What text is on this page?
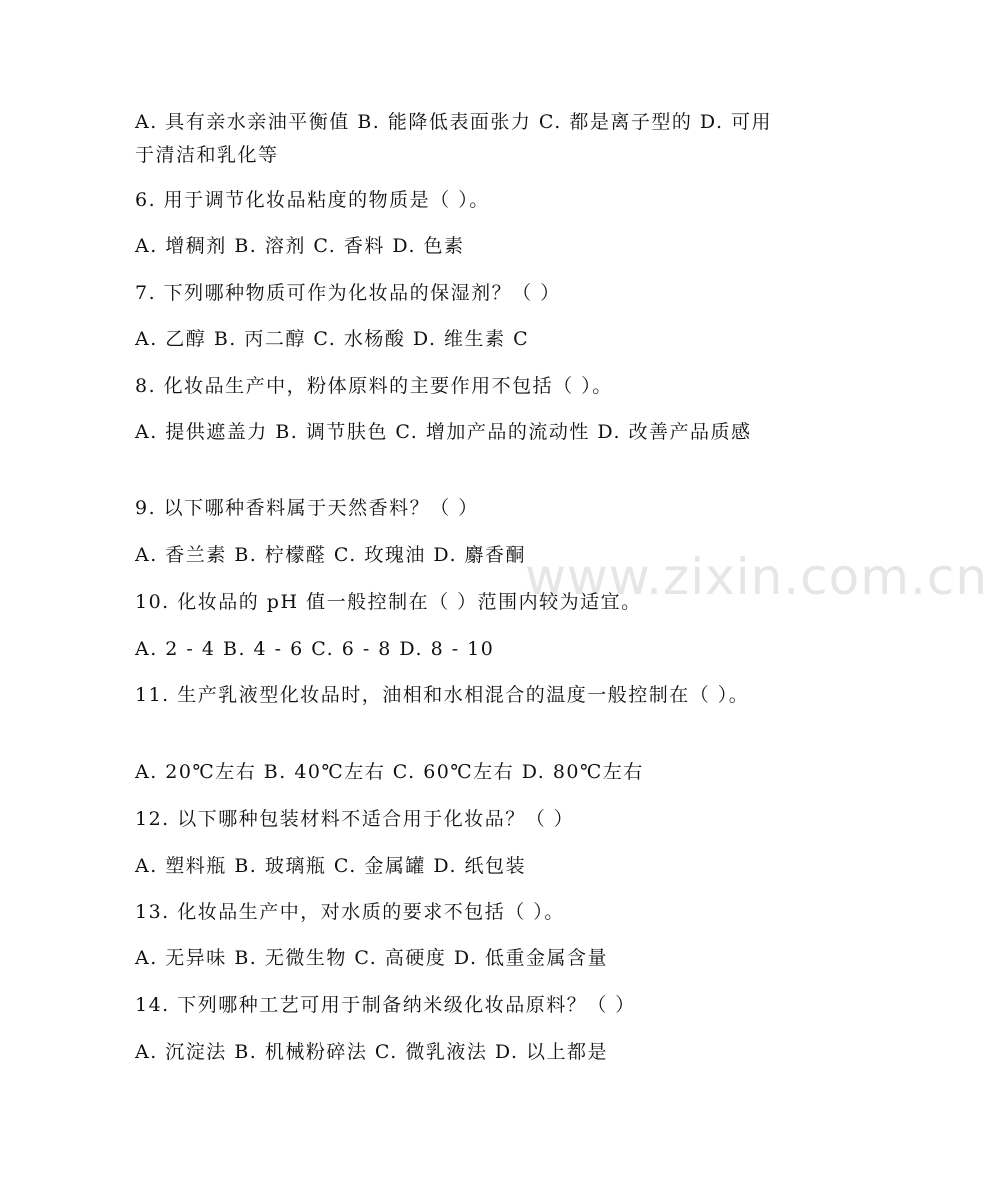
www.zixin.com.cn
A. 具有亲水亲油平衡值 B. 能降低表面张力 C. 都是离子型的 D. 可用于清洁和乳化等
6. 用于调节化妆品粘度的物质是（ ）。
A. 增稠剂 B. 溶剂 C. 香料 D. 色素
7. 下列哪种物质可作为化妆品的保湿剂？（ ）
A. 乙醇 B. 丙二醇 C. 水杨酸 D. 维生素 C
8. 化妆品生产中，粉体原料的主要作用不包括（ ）。
A. 提供遮盖力 B. 调节肤色 C. 增加产品的流动性 D. 改善产品质感
9. 以下哪种香料属于天然香料？（ ）
A. 香兰素 B. 柠檬醛 C. 玫瑰油 D. 麝香酮
10. 化妆品的 pH 值一般控制在（ ）范围内较为适宜。
A. 2 - 4 B. 4 - 6 C. 6 - 8 D. 8 - 10
11. 生产乳液型化妆品时，油相和水相混合的温度一般控制在（ ）。
A. 20℃左右 B. 40℃左右 C. 60℃左右 D. 80℃左右
12. 以下哪种包装材料不适合用于化妆品？（ ）
A. 塑料瓶 B. 玻璃瓶 C. 金属罐 D. 纸包装
13. 化妆品生产中，对水质的要求不包括（ ）。
A. 无异味 B. 无微生物 C. 高硬度 D. 低重金属含量
14. 下列哪种工艺可用于制备纳米级化妆品原料？（ ）
A. 沉淀法 B. 机械粉碎法 C. 微乳液法 D. 以上都是
